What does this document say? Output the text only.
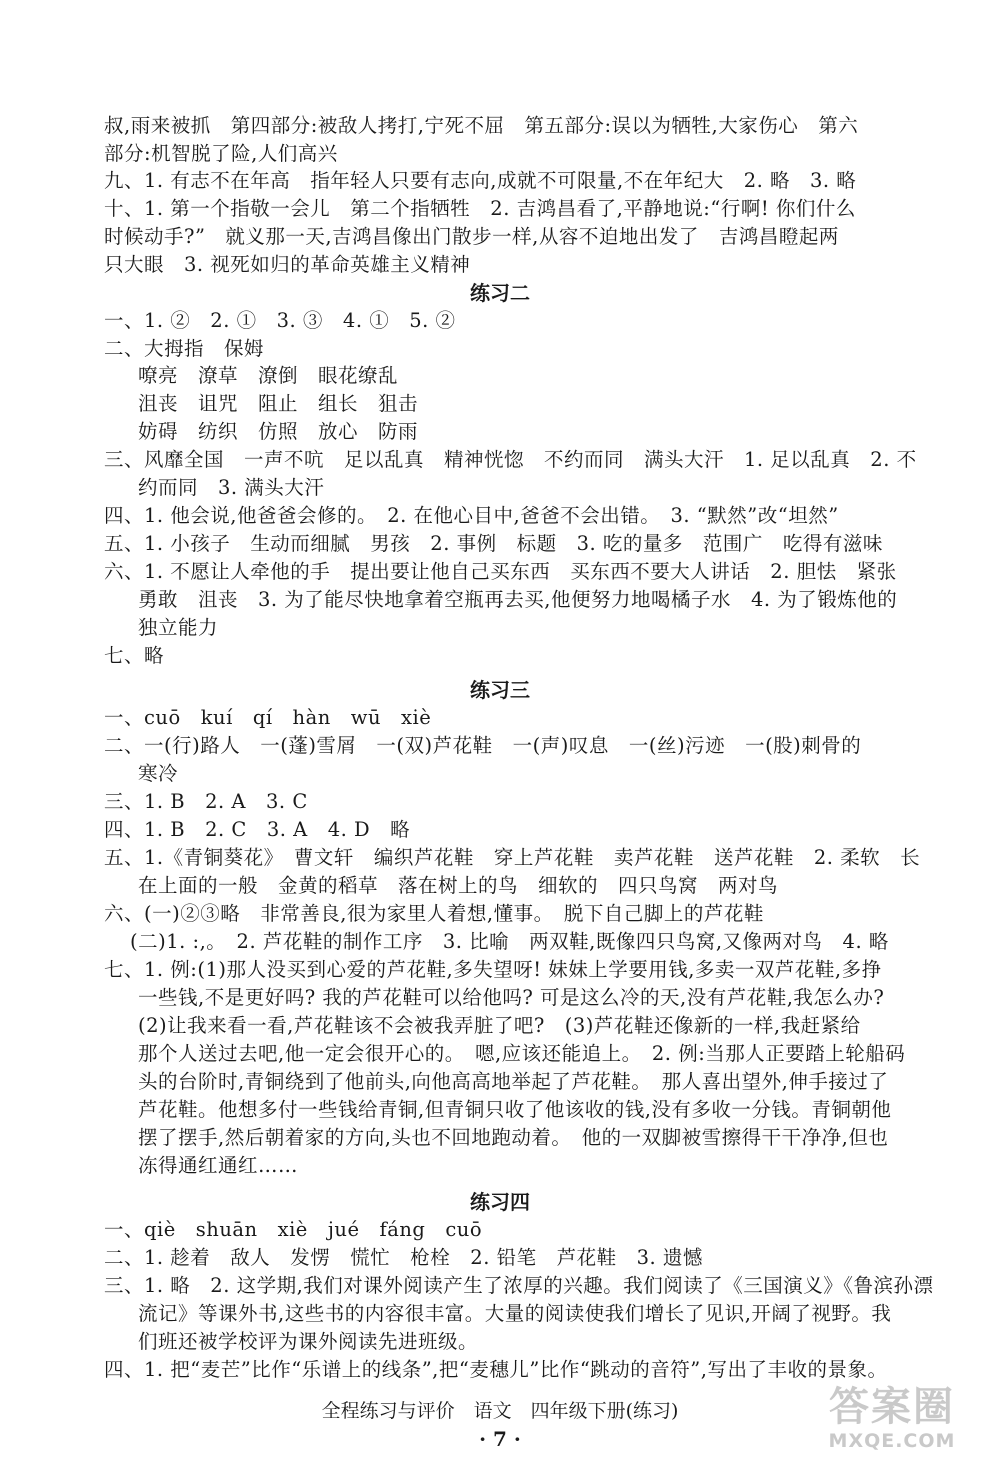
叔,雨来被抓　第四部分:被敌人拷打,宁死不屈　第五部分:误以为牺牲,大家伤心　第六
部分:机智脱了险,人们高兴
九、1. 有志不在年高　指年轻人只要有志向,成就不可限量,不在年纪大　2. 略　3. 略
十、1. 第一个指敬一会儿　第二个指牺牲　2. 吉鸿昌看了,平静地说:“行啊! 你们什么
时候动手?”　就义那一天,吉鸿昌像出门散步一样,从容不迫地出发了　吉鸿昌瞪起两
只大眼　3. 视死如归的革命英雄主义精神
练习二
一、1. ②　2. ①　3. ③　4. ①　5. ②
二、大拇指　保姆
嘹亮　潦草　潦倒　眼花缭乱
沮丧　诅咒　阻止　组长　狙击
妨碍　纺织　仿照　放心　防雨
三、风靡全国　一声不吭　足以乱真　精神恍惚　不约而同　满头大汗　1. 足以乱真　2. 不
约而同　3. 满头大汗
四、1. 他会说,他爸爸会修的。　2. 在他心目中,爸爸不会出错。　3. “默然”改“坦然”
五、1. 小孩子　生动而细腻　男孩　2. 事例　标题　3. 吃的量多　范围广　吃得有滋味
六、1. 不愿让人牵他的手　提出要让他自己买东西　买东西不要大人讲话　2. 胆怯　紧张
勇敢　沮丧　3. 为了能尽快地拿着空瓶再去买,他便努力地喝橘子水　4. 为了锻炼他的
独立能力
七、略
练习三
一、cuō　kuí　qí　hàn　wū　xiè
二、一(行)路人　一(蓬)雪屑　一(双)芦花鞋　一(声)叹息　一(丝)污迹　一(股)刺骨的
寒冷
三、1. B　2. A　3. C
四、1. B　2. C　3. A　4. D　略
五、1.《青铜葵花》　曹文轩　编织芦花鞋　穿上芦花鞋　卖芦花鞋　送芦花鞋　2. 柔软　长
在上面的一般　金黄的稻草　落在树上的鸟　细软的　四只鸟窝　两对鸟
六、(一)②③略　非常善良,很为家里人着想,懂事。　脱下自己脚上的芦花鞋
(二)1. :,。　2. 芦花鞋的制作工序　3. 比喻　两双鞋,既像四只鸟窝,又像两对鸟　4. 略
七、1. 例:(1)那人没买到心爱的芦花鞋,多失望呀! 妹妹上学要用钱,多卖一双芦花鞋,多挣
一些钱,不是更好吗? 我的芦花鞋可以给他吗? 可是这么冷的天,没有芦花鞋,我怎么办?
(2)让我来看一看,芦花鞋该不会被我弄脏了吧?　(3)芦花鞋还像新的一样,我赶紧给
那个人送过去吧,他一定会很开心的。　嗯,应该还能追上。　2. 例:当那人正要踏上轮船码
头的台阶时,青铜绕到了他前头,向他高高地举起了芦花鞋。　那人喜出望外,伸手接过了
芦花鞋。他想多付一些钱给青铜,但青铜只收了他该收的钱,没有多收一分钱。青铜朝他
摆了摆手,然后朝着家的方向,头也不回地跑动着。　他的一双脚被雪擦得干干净净,但也
冻得通红通红……
练习四
一、qiè　shuān　xiè　jué　fáng　cuō
二、1. 趁着　敌人　发愣　慌忙　枪栓　2. 铅笔　芦花鞋　3. 遗憾
三、1. 略　2. 这学期,我们对课外阅读产生了浓厚的兴趣。我们阅读了《三国演义》《鲁滨孙漂
流记》等课外书,这些书的内容很丰富。大量的阅读使我们增长了见识,开阔了视野。我
们班还被学校评为课外阅读先进班级。
四、1. 把“麦芒”比作“乐谱上的线条”,把“麦穗儿”比作“跳动的音符”,写出了丰收的景象。
全程练习与评价　语文　四年级下册(练习)
· 7 ·
答案圈
MXQE.COM
